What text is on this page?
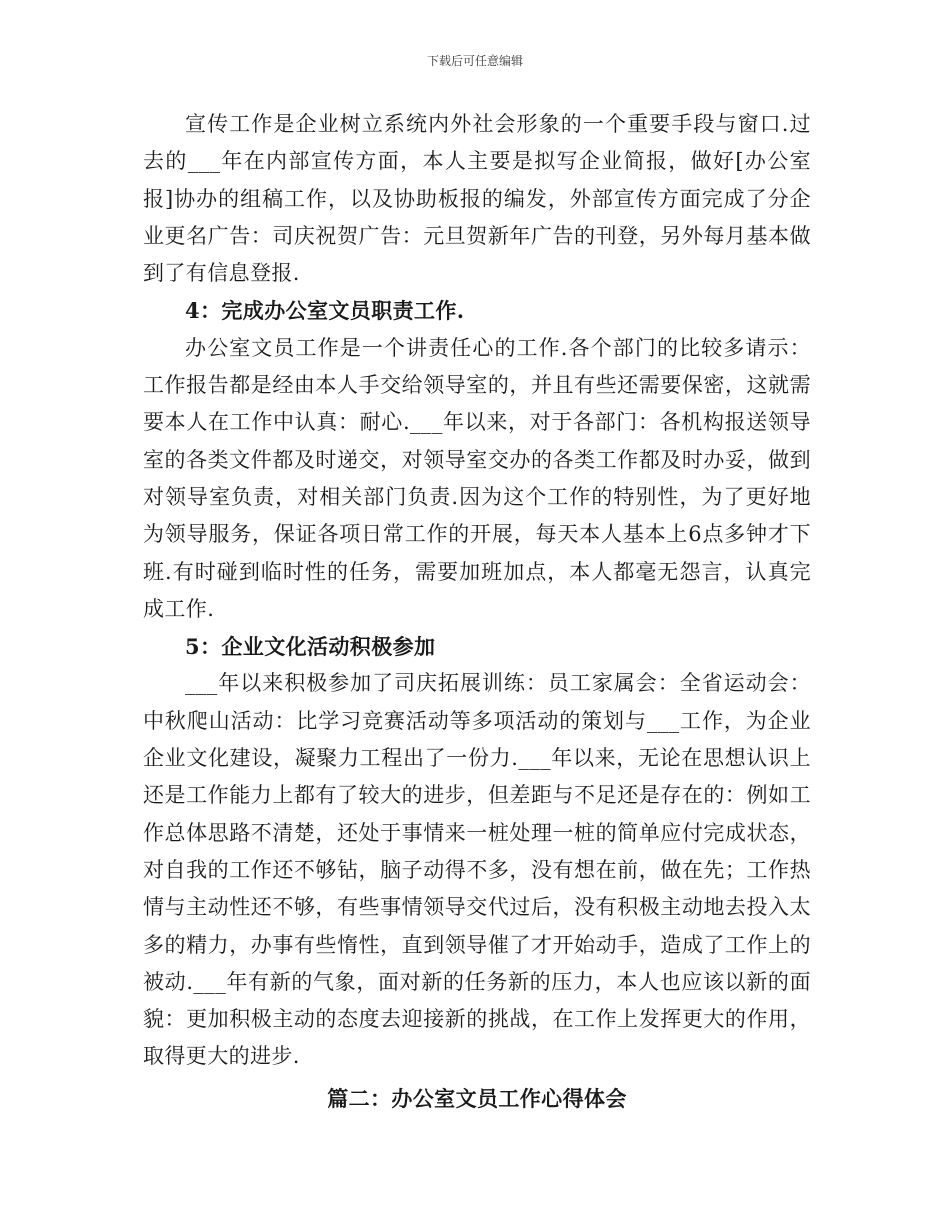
下载后可任意编辑

宣传工作是企业树立系统内外社会形象的一个重要手段与窗口.过去的___年在内部宣传方面，本人主要是拟写企业简报，做好[办公室报]协办的组稿工作，以及协助板报的编发，外部宣传方面完成了分企业更名广告：司庆祝贺广告：元旦贺新年广告的刊登，另外每月基本做到了有信息登报.

4：完成办公室文员职责工作.

办公室文员工作是一个讲责任心的工作.各个部门的比较多请示：工作报告都是经由本人手交给领导室的，并且有些还需要保密，这就需要本人在工作中认真：耐心.___年以来，对于各部门：各机构报送领导室的各类文件都及时递交，对领导室交办的各类工作都及时办妥，做到对领导室负责，对相关部门负责.因为这个工作的特别性，为了更好地为领导服务，保证各项日常工作的开展，每天本人基本上6点多钟才下班.有时碰到临时性的任务，需要加班加点，本人都毫无怨言，认真完成工作.

5：企业文化活动积极参加

___年以来积极参加了司庆拓展训练：员工家属会：全省运动会：中秋爬山活动：比学习竞赛活动等多项活动的策划与___工作，为企业企业文化建设，凝聚力工程出了一份力.___年以来，无论在思想认识上还是工作能力上都有了较大的进步，但差距与不足还是存在的：例如工作总体思路不清楚，还处于事情来一桩处理一桩的简单应付完成状态，对自我的工作还不够钻，脑子动得不多，没有想在前，做在先；工作热情与主动性还不够，有些事情领导交代过后，没有积极主动地去投入太多的精力，办事有些惰性，直到领导催了才开始动手，造成了工作上的被动.___年有新的气象，面对新的任务新的压力，本人也应该以新的面貌：更加积极主动的态度去迎接新的挑战，在工作上发挥更大的作用，取得更大的进步.

篇二：办公室文员工作心得体会
